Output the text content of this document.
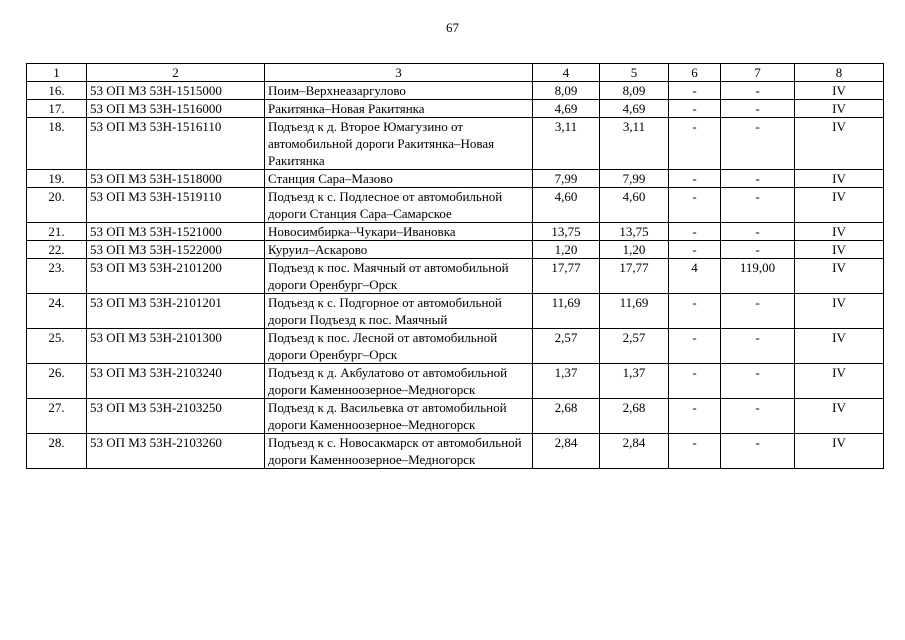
67
1	2	3	4	5	6	7	8
16.	53 ОП МЗ 53Н-1515000	Поим–Верхнеазаргулово	8,09	8,09	-	-	IV
17.	53 ОП МЗ 53Н-1516000	Ракитянка–Новая Ракитянка	4,69	4,69	-	-	IV
18.	53 ОП МЗ 53Н-1516110	Подъезд к д. Второе Юмагузино от автомобильной дороги Ракитянка–Новая Ракитянка	3,11	3,11	-	-	IV
19.	53 ОП МЗ 53Н-1518000	Станция Сара–Мазово	7,99	7,99	-	-	IV
20.	53 ОП МЗ 53Н-1519110	Подъезд к с. Подлесное от автомобильной дороги Станция Сара–Самарское	4,60	4,60	-	-	IV
21.	53 ОП МЗ 53Н-1521000	Новосимбирка–Чукари–Ивановка	13,75	13,75	-	-	IV
22.	53 ОП МЗ 53Н-1522000	Куруил–Аскарово	1,20	1,20	-	-	IV
23.	53 ОП МЗ 53Н-2101200	Подъезд к пос. Маячный от автомобильной дороги Оренбург–Орск	17,77	17,77	4	119,00	IV
24.	53 ОП МЗ 53Н-2101201	Подъезд к с. Подгорное от автомобильной дороги Подъезд к пос. Маячный	11,69	11,69	-	-	IV
25.	53 ОП МЗ 53Н-2101300	Подъезд к пос. Лесной от автомобильной дороги Оренбург–Орск	2,57	2,57	-	-	IV
26.	53 ОП МЗ 53Н-2103240	Подъезд к д. Акбулатово от автомобильной дороги Каменноозерное–Медногорск	1,37	1,37	-	-	IV
27.	53 ОП МЗ 53Н-2103250	Подъезд к д. Васильевка от автомобильной дороги Каменноозерное–Медногорск	2,68	2,68	-	-	IV
28.	53 ОП МЗ 53Н-2103260	Подъезд к с. Новосакмарск от автомобильной дороги Каменноозерное–Медногорск	2,84	2,84	-	-	IV
